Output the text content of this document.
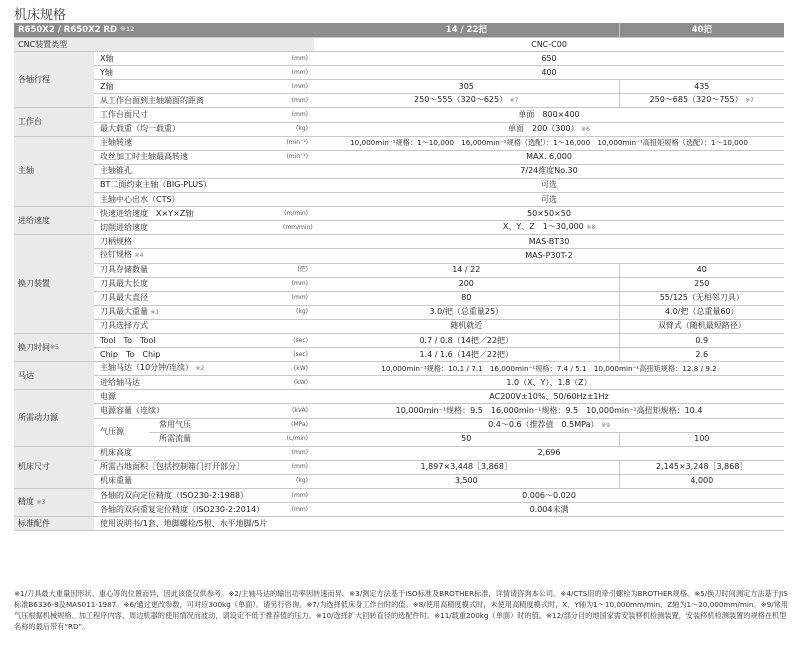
机床规格
R650X2 / R650X2 RD $^{※12}$				14 / 22把	40把
CNC装置类型				CNC-C00	
各轴行程	X轴		(mm)	650	
	Y轴		(mm)	400	
	Z轴		(mm)	305	435
	从工作台面到主轴端面的距离		(mm)	250～555（320～625） ※7	250～685（320～755） ※7
工作台	工作台面尺寸		(mm)	单面　800×400	
	最大载重（均一载重）		(kg)	单面　200（300） ※6	
主轴	主轴转速		(min⁻¹)	10,000min⁻¹规格：1～10,000　16,000min⁻¹规格（选配）：1～16,000　10,000min⁻¹高扭矩规格（选配）：1～10,000	
	攻丝加工时主轴最高转速		(min⁻¹)	MAX. 6,000	
	主轴锥孔			7/24推度No.30	
	BT二面约束主轴（BIG-PLUS）			可选	
	主轴中心出水（CTS）			可选	
进给速度	快速进给速度　X×Y×Z轴		(m/min)	50×50×50	
	切削进给速度		(mm/min)	X、Y、Z　1～30,000 ※8	
换刀装置	刀柄规格			MAS-BT30	
	拉钉规格 ※4			MAS-P30T-2	
	刀具存储数量		(把)	14 / 22	40
	刀具最大长度		(mm)	200	250
	刀具最大直径		(mm)	80	55/125（无相邻刀具）
	刀具最大重量 ※1		(kg)	3.0/把（总重量25）	4.0/把（总重量60）
	刀具选择方式			随机就近	双臂式（随机最短路径）
换刀时间$^{※5}$	Tool　To　Tool		(sec)	0.7 / 0.8（14把／22把）	0.9
	Chip　To　Chip		(sec)	1.4 / 1.6（14把／22把）	2.6
马达	主轴马达（10分钟/连续） ※2		(kW)	10,000min⁻¹规格：10.1 / 7.1　16,000min⁻¹规格：7.4 / 5.1　10,000min⁻¹高扭矩规格：12.8 / 9.2	
	进给轴马达		(kW)	1.0（X、Y）、1.8（Z）	
所需动力源	电源			AC200V±10%、50/60Hz±1Hz	
	电源容量（连续）		(kVA)	10,000min⁻¹规格：9.5　16,000min⁻¹规格：9.5　10,000min⁻¹高扭矩规格：10.4	
	气压源	常用气压	(MPa)	0.4～0.6（推荐值　0.5MPa） ※9	
		所需流量	(L/min)	50	100
机床尺寸	机床高度		(mm)	2,696	
	所需占地面积［包括控制箱门打开部分］		(mm)	1,897×3,448［3,868］	2,145×3,248［3,868］
	机床重量		(kg)	3,500	4,000
精度 ※3	各轴的双向定位精度（ISO230-2:1988）		(mm)	0.006～0.020	
	各轴的双向重复定位精度（ISO230-2:2014）		(mm)	0.004未满	
标准配件	使用说明书/1套、地脚螺栓/5根、水平地脚/5片				
※1/刀具最大重量因形状、重心等的位置而异，因此该值仅供参考。※2/主轴马达的输出功率因转速而异。※3/测定方法基于ISO标准及BROTHER标准，详情请咨询本公司。※4/CTS用的牵引螺栓为BROTHER规格。※5/换刀时间测定方法基于JIS标准B6336-9及MAS011-1987。※6/通过更改参数，可对应300kg（单面）。请另行咨询。※7/为选择低床身工作台时的值。※8/使用高精度模式时，未使用高精度模式时，X、Y轴为1～10,000mm/min、Z轴为1～20,000mm/min。※9/常用气压根据机械规格、加工程序内容、周边机器的使用情况而波动，请设定不低于推荐值的压力。※10/选择扩大回转直径的选配件时。※11/载重200kg（单面）时的值。※12/部分目的地国家需安装移机检测装置，安装移机检测装置的规格在机型名称的最后带有“RD”。
